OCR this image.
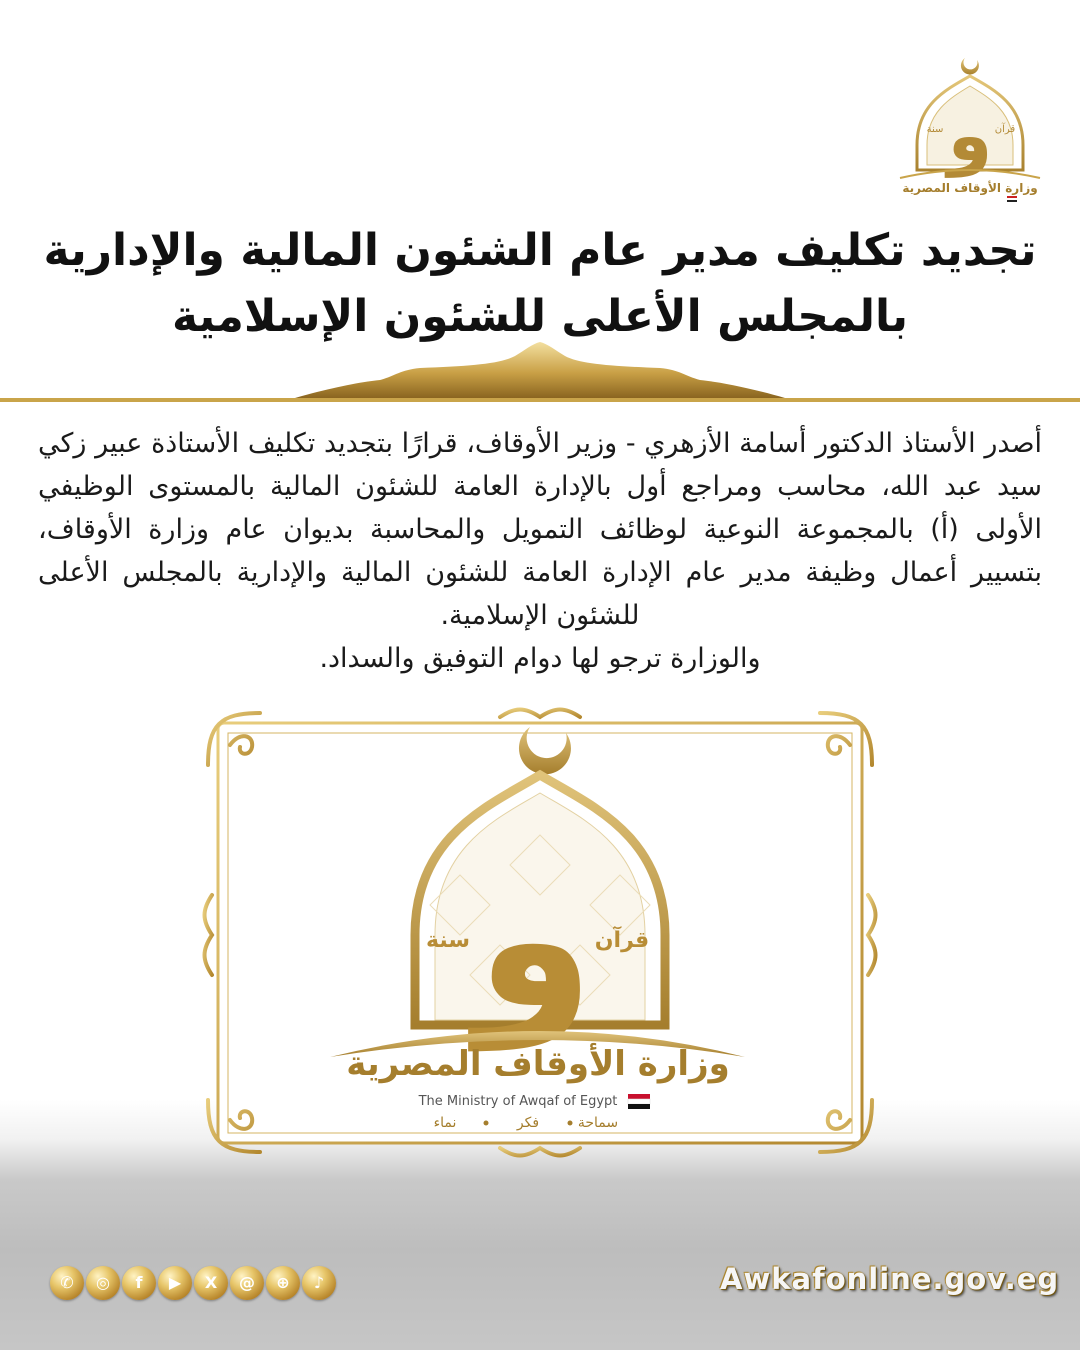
و
سنة	قرآن
وزارة الأوقاف المصرية
تجديد تكليف مدير عام الشئون المالية والإدارية
بالمجلس الأعلى للشئون الإسلامية
أصدر الأستاذ الدكتور أسامة الأزهري - وزير الأوقاف، قرارًا بتجديد تكليف الأستاذة عبير زكي سيد عبد الله، محاسب ومراجع أول بالإدارة العامة للشئون المالية بالمستوى الوظيفي الأولى (أ) بالمجموعة النوعية لوظائف التمويل والمحاسبة بديوان عام وزارة الأوقاف، بتسيير أعمال وظيفة مدير عام الإدارة العامة للشئون المالية والإدارية بالمجلس الأعلى للشئون الإسلامية.
والوزارة ترجو لها دوام التوفيق والسداد.
و
سنة	قرآن
وزارة الأوقاف المصرية
The Ministry of Awqaf of Egypt
سماحة
فكر
نماء
✆ ◎ f ▶ X @ ⊕ ♪	Awkafonline.gov.eg
